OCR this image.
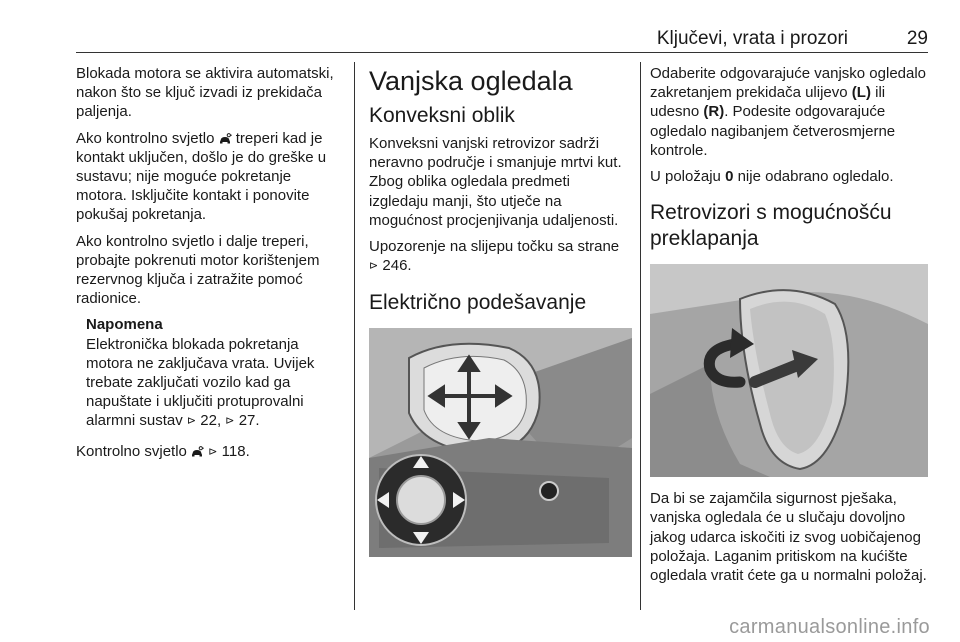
Ključevi, vrata i prozori	29

Blokada motora se aktivira automatski, nakon što se ključ izvadi iz prekidača paljenja.

Ako kontrolno svjetlo treperi kad je kontakt uključen, došlo je do greške u sustavu; nije moguće pokretanje motora. Isključite kontakt i ponovite pokušaj pokretanja.

Ako kontrolno svjetlo i dalje treperi, probajte pokrenuti motor korištenjem rezervnog ključa i zatražite pomoć radionice.

Napomena
Elektronička blokada pokretanja motora ne zaključava vrata. Uvijek trebate zaključati vozilo kad ga napuštate i uključiti protuprovalni alarmni sustav ⊳ 22, ⊳ 27.

Kontrolno svjetlo ⊳ 118.

Vanjska ogledala
Konveksni oblik

Konveksni vanjski retrovizor sadrži neravno područje i smanjuje mrtvi kut. Zbog oblika ogledala predmeti izgledaju manji, što utječe na mogućnost procjenjivanja udaljenosti.

Upozorenje na slijepu točku sa strane ⊳ 246.

Električno podešavanje

Odaberite odgovarajuće vanjsko ogledalo zakretanjem prekidača ulijevo (L) ili udesno (R). Podesite odgovarajuće ogledalo nagibanjem četverosmjerne kontrole.

U položaju 0 nije odabrano ogledalo.

Retrovizori s mogućnošću preklapanja

Da bi se zajamčila sigurnost pješaka, vanjska ogledala će u slučaju dovoljno jakog udarca iskočiti iz svog uobičajenog položaja. Laganim pritiskom na kućište ogledala vratit ćete ga u normalni položaj.

carmanualsonline.info
